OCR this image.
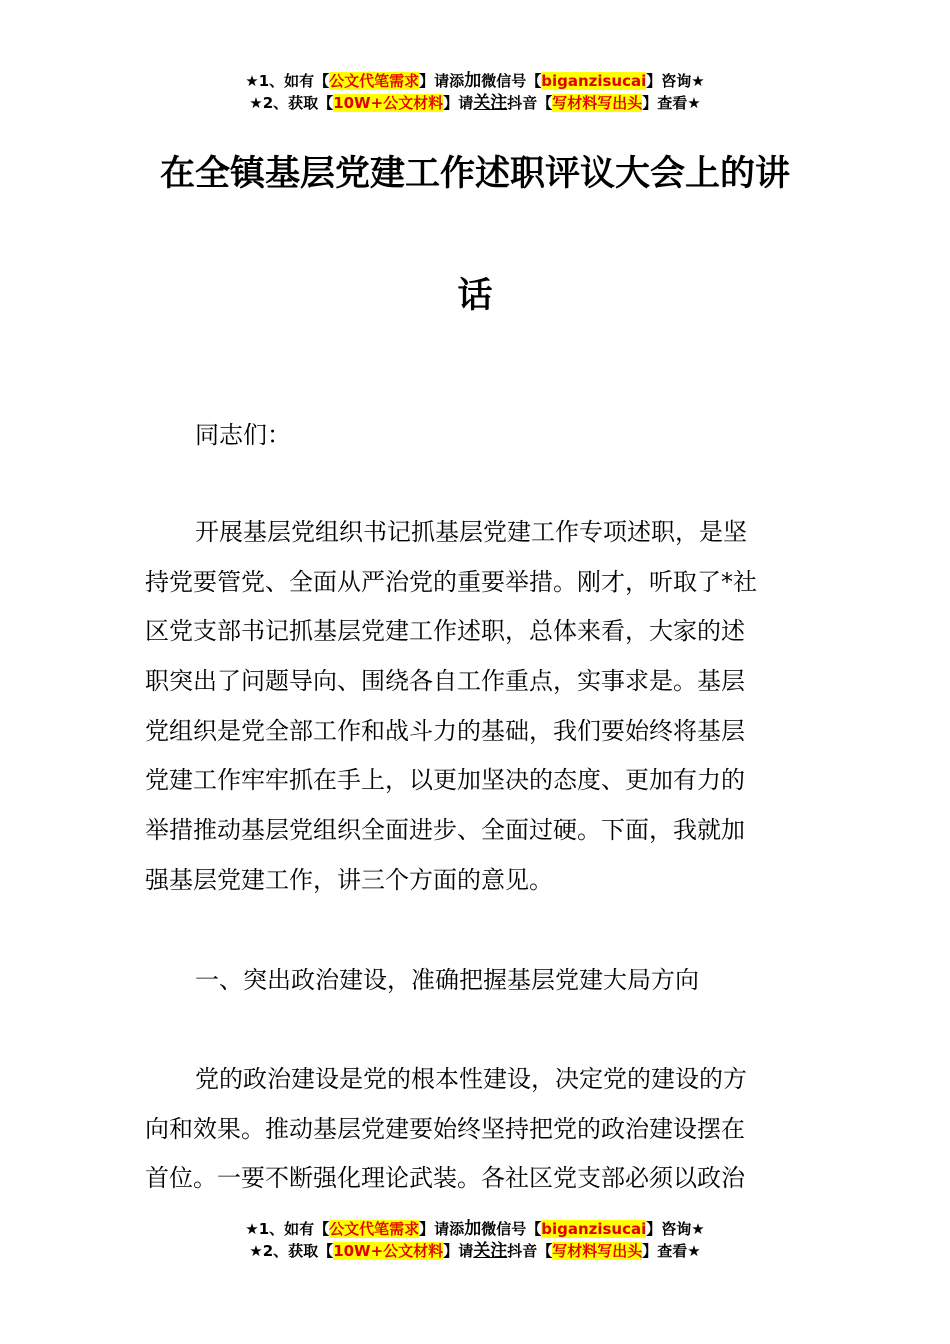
★1、如有【公文代笔需求】请添加微信号【biganzisucai】咨询★
★2、获取【10W+公文材料】请关注抖音【写材料写出头】查看★
在全镇基层党建工作述职评议大会上的讲
话
同志们：
开展基层党组织书记抓基层党建工作专项述职，是坚
持党要管党、全面从严治党的重要举措。刚才，听取了*社
区党支部书记抓基层党建工作述职，总体来看，大家的述
职突出了问题导向、围绕各自工作重点，实事求是。基层
党组织是党全部工作和战斗力的基础，我们要始终将基层
党建工作牢牢抓在手上，以更加坚决的态度、更加有力的
举措推动基层党组织全面进步、全面过硬。下面，我就加
强基层党建工作，讲三个方面的意见。
一、突出政治建设，准确把握基层党建大局方向
党的政治建设是党的根本性建设，决定党的建设的方
向和效果。推动基层党建要始终坚持把党的政治建设摆在
首位。一要不断强化理论武装。各社区党支部必须以政治
★1、如有【公文代笔需求】请添加微信号【biganzisucai】咨询★
★2、获取【10W+公文材料】请关注抖音【写材料写出头】查看★
